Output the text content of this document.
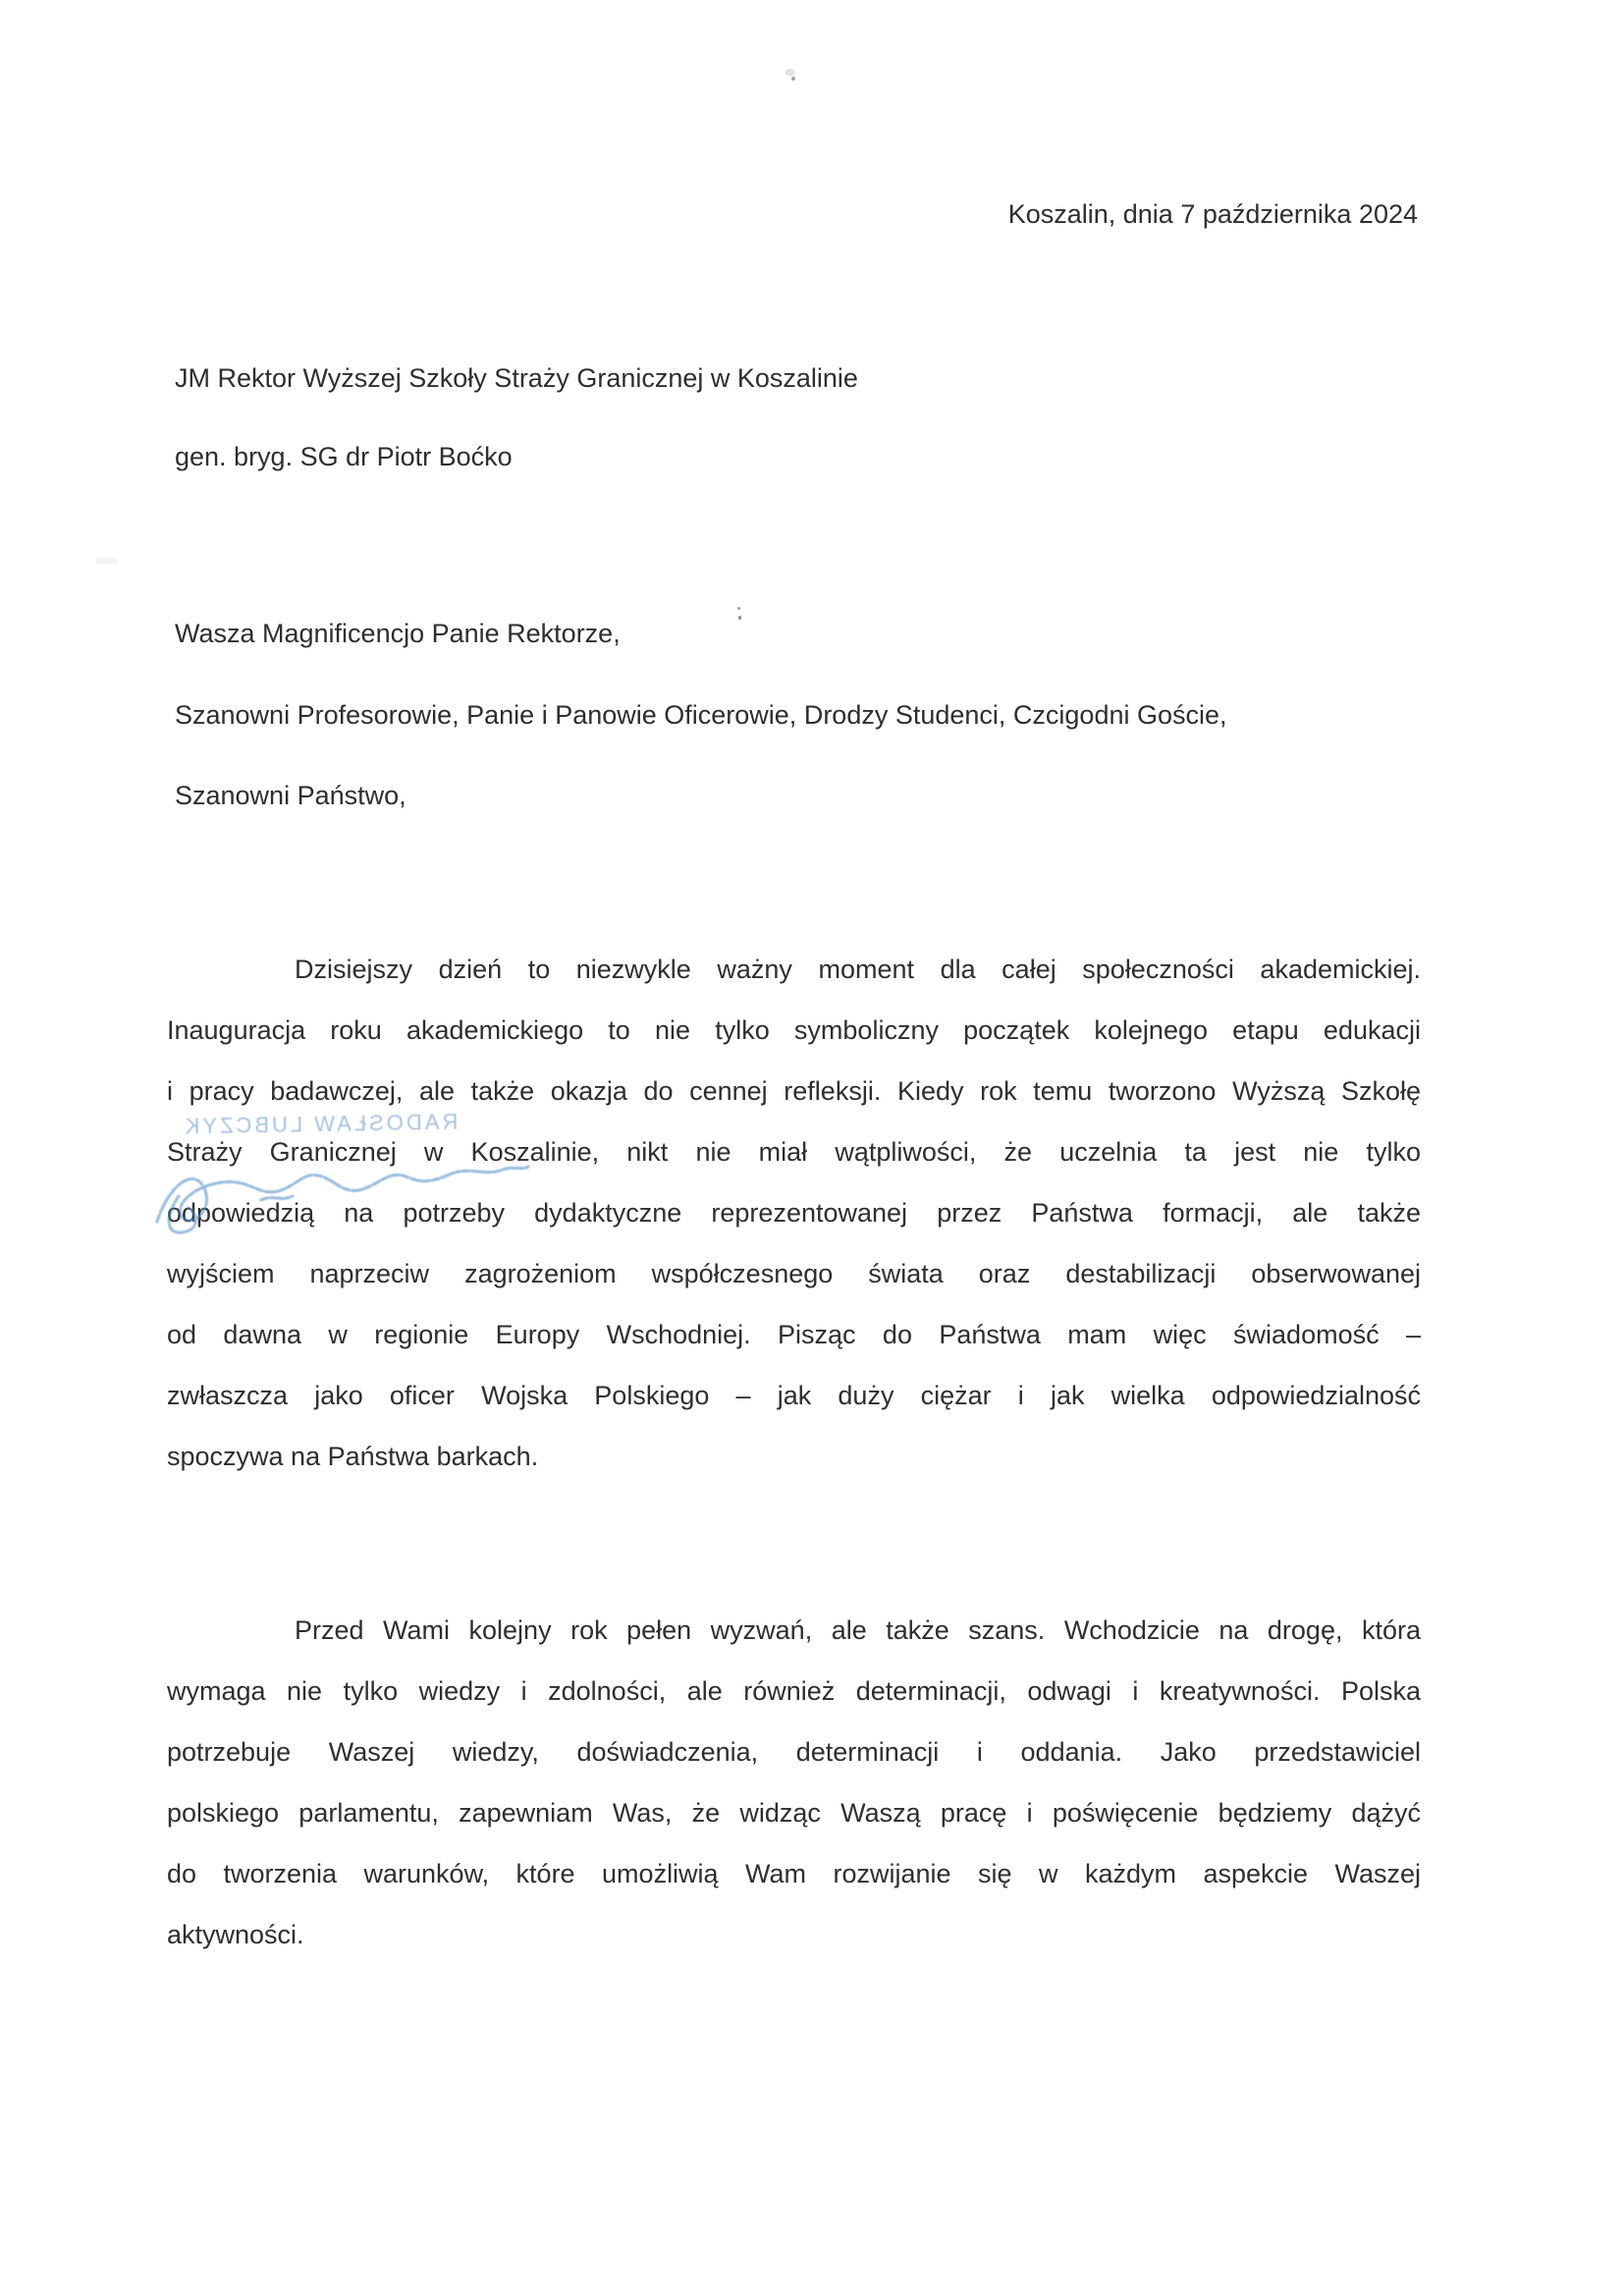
Koszalin, dnia 7 października 2024
JM Rektor Wyższej Szkoły Straży Granicznej w Koszalinie
gen. bryg. SG dr Piotr Boćko
Wasza Magnificencjo Panie Rektorze,
Szanowni Profesorowie, Panie i Panowie Oficerowie, Drodzy Studenci, Czcigodni Goście,
Szanowni Państwo,
Dzisiejszy dzień to niezwykle ważny moment dla całej społeczności akademickiej.
Inauguracja roku akademickiego to nie tylko symboliczny początek kolejnego etapu edukacji
i pracy badawczej, ale także okazja do cennej refleksji. Kiedy rok temu tworzono Wyższą Szkołę
Straży Granicznej w Koszalinie, nikt nie miał wątpliwości, że uczelnia ta jest nie tylko
odpowiedzią na potrzeby dydaktyczne reprezentowanej przez Państwa formacji, ale także
wyjściem naprzeciw zagrożeniom współczesnego świata oraz destabilizacji obserwowanej
od dawna w regionie Europy Wschodniej. Pisząc do Państwa mam więc świadomość –
zwłaszcza jako oficer Wojska Polskiego – jak duży ciężar i jak wielka odpowiedzialność
spoczywa na Państwa barkach.
Przed Wami kolejny rok pełen wyzwań, ale także szans. Wchodzicie na drogę, która
wymaga nie tylko wiedzy i zdolności, ale również determinacji, odwagi i kreatywności. Polska
potrzebuje Waszej wiedzy, doświadczenia, determinacji i oddania. Jako przedstawiciel
polskiego parlamentu, zapewniam Was, że widząc Waszą pracę i poświęcenie będziemy dążyć
do tworzenia warunków, które umożliwią Wam rozwijanie się w każdym aspekcie Waszej
aktywności.
RADOSŁAW LUBCZYK
